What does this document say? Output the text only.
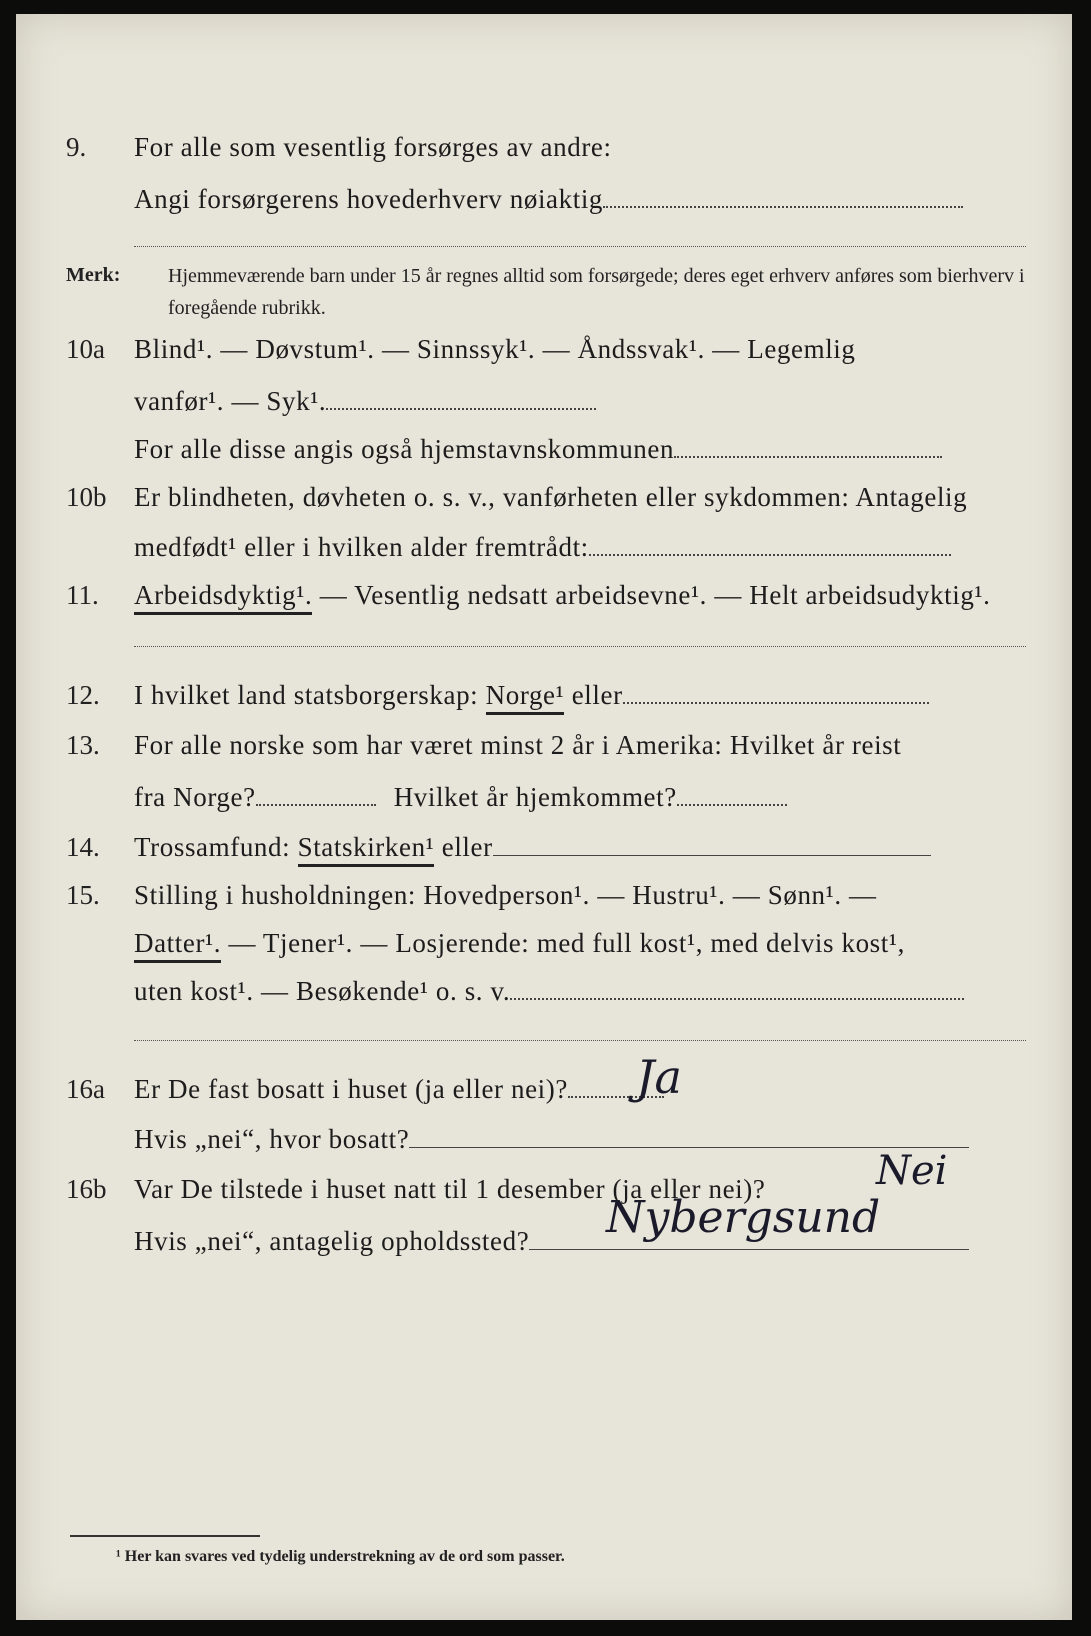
9. For alle som vesentlig forsørges av andre:
Angi forsørgerens hovederhverv nøiaktig
Merk: Hjemmeværende barn under 15 år regnes alltid som forsørgede; deres eget erhverv anføres som bierhverv i foregående rubrikk.
10a Blind¹. — Døvstum¹. — Sinnssyk¹. — Åndssvak¹. — Legemlig
vanfør¹. — Syk¹.
For alle disse angis også hjemstavnskommunen
10b Er blindheten, døvheten o. s. v., vanførheten eller sykdommen: Antagelig
medfødt¹ eller i hvilken alder fremtrådt:
11. Arbeidsdyktig¹. — Vesentlig nedsatt arbeidsevne¹. — Helt arbeidsudyktig¹.
12. I hvilket land statsborgerskap: Norge¹ eller
13. For alle norske som har været minst 2 år i Amerika: Hvilket år reist
fra Norge?	Hvilket år hjemkommet?
14. Trossamfund: Statskirken¹ eller
15. Stilling i husholdningen: Hovedperson¹. — Hustru¹. — Sønn¹. —
Datter¹. — Tjener¹. — Losjerende: med full kost¹, med delvis kost¹,
uten kost¹. — Besøkende¹ o. s. v.
16a Er De fast bosatt i huset (ja eller nei)?	Ja
Hvis „nei“, hvor bosatt?
16b Var De tilstede i huset natt til 1 desember (ja eller nei)?	Nei
Hvis „nei“, antagelig opholdssted?	Nybergsund
¹ Her kan svares ved tydelig understrekning av de ord som passer.
